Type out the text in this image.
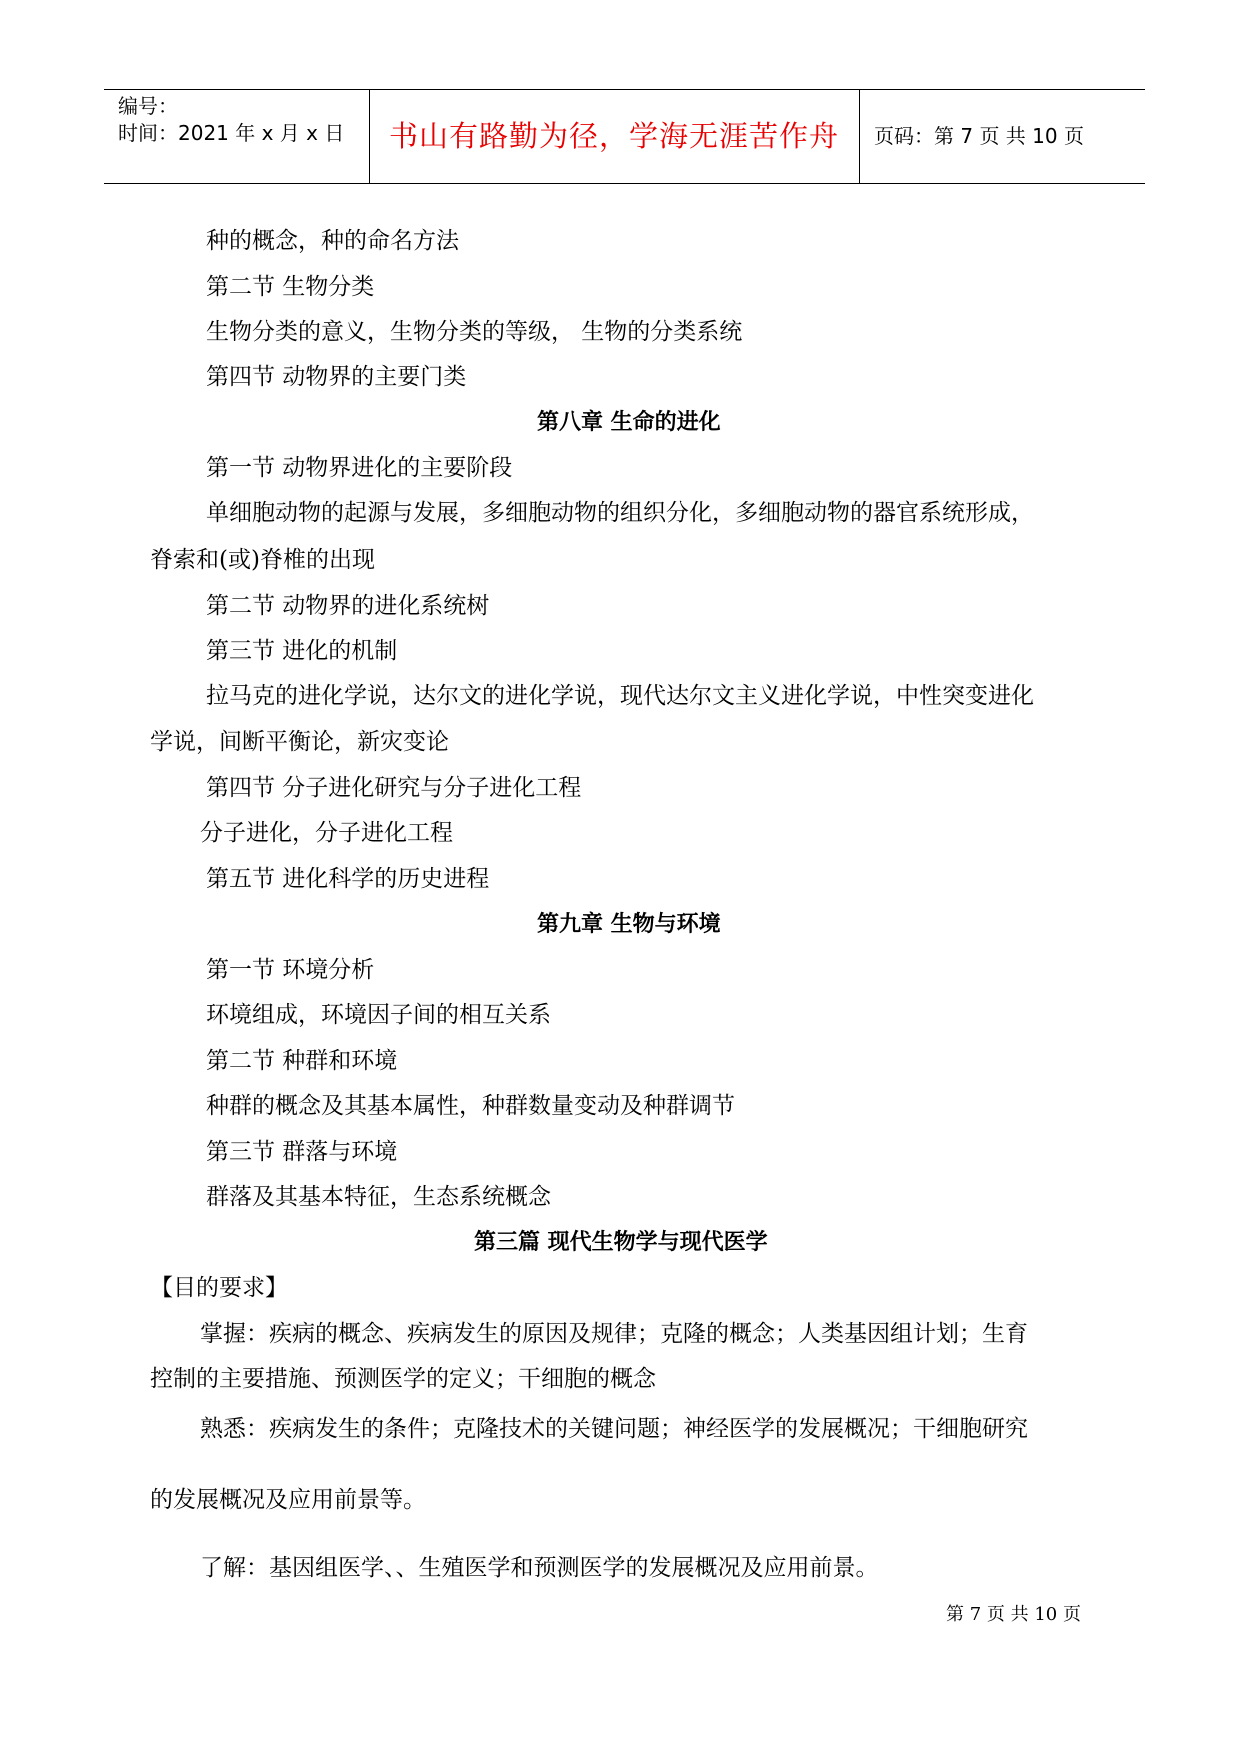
编号：
时间：2021 年 x 月 x 日	书山有路勤为径，学海无涯苦作舟	页码：第 7 页 共 10 页
种的概念，种的命名方法
第二节 生物分类
生物分类的意义，生物分类的等级， 生物的分类系统
第四节 动物界的主要门类
第八章 生命的进化
第一节 动物界进化的主要阶段
单细胞动物的起源与发展，多细胞动物的组织分化，多细胞动物的器官系统形成，
脊索和(或)脊椎的出现
第二节 动物界的进化系统树
第三节 进化的机制
拉马克的进化学说，达尔文的进化学说，现代达尔文主义进化学说，中性突变进化
学说，间断平衡论，新灾变论
第四节 分子进化研究与分子进化工程
分子进化，分子进化工程
第五节 进化科学的历史进程
第九章 生物与环境
第一节 环境分析
环境组成，环境因子间的相互关系
第二节 种群和环境
种群的概念及其基本属性，种群数量变动及种群调节
第三节 群落与环境
群落及其基本特征，生态系统概念
第三篇 现代生物学与现代医学
【目的要求】
掌握：疾病的概念、疾病发生的原因及规律；克隆的概念；人类基因组计划；生育
控制的主要措施、预测医学的定义；干细胞的概念
熟悉：疾病发生的条件；克隆技术的关键问题；神经医学的发展概况；干细胞研究
的发展概况及应用前景等。
了解：基因组医学、、生殖医学和预测医学的发展概况及应用前景。
第 7 页 共 10 页
